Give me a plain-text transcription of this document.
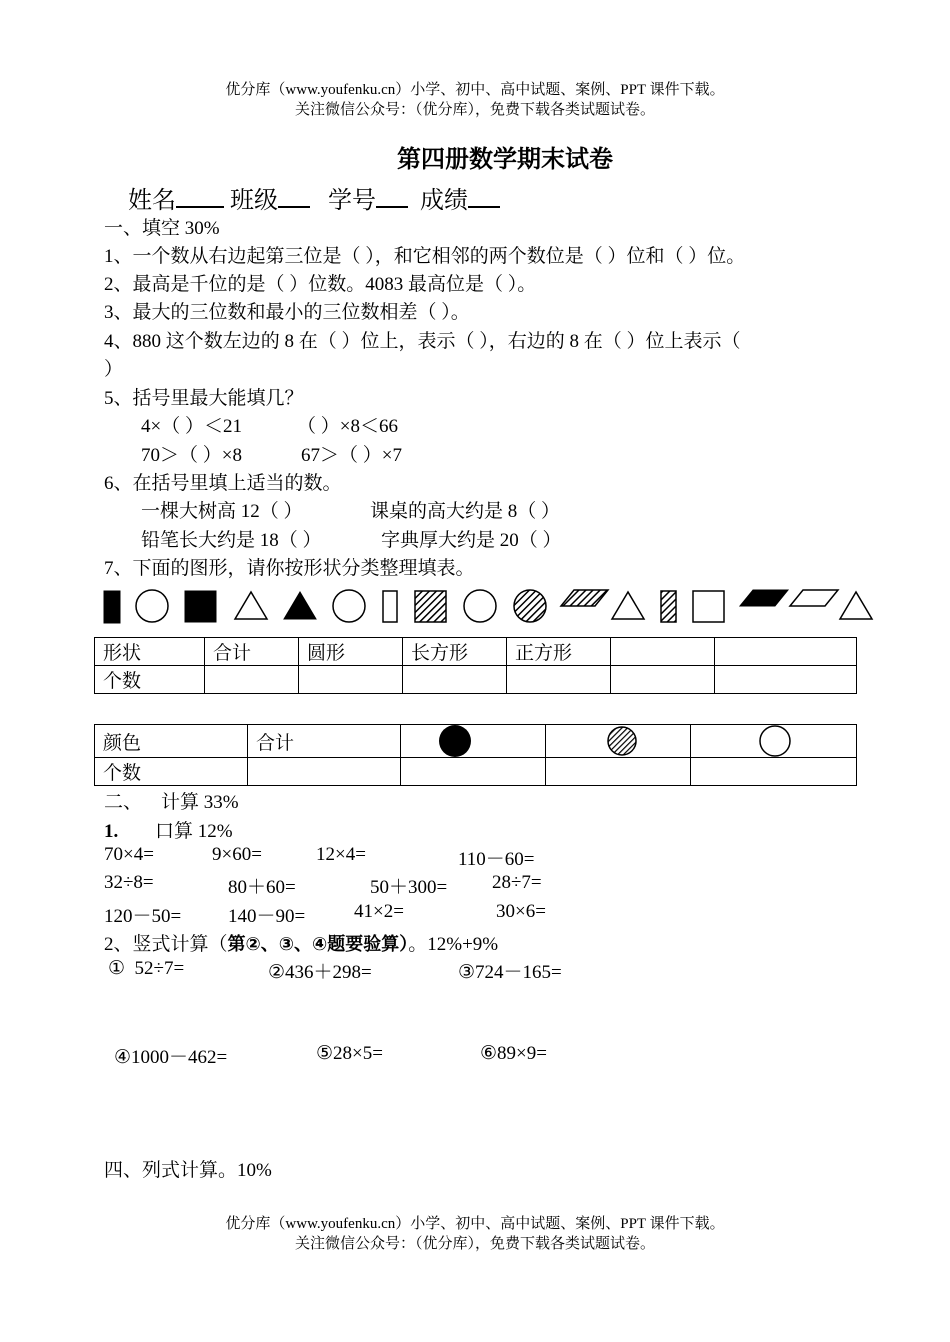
优分库（www.youfenku.cn）小学、初中、高中试题、案例、PPT 课件下载。
关注微信公众号：（优分库），免费下载各类试题试卷。
第四册数学期末试卷
姓名 班级 学号 成绩
一、填空 30%
1、一个数从右边起第三位是（ ），和它相邻的两个数位是（ ）位和（ ）位。
2、最高是千位的是（ ）位数。4083 最高位是（ ）。
3、最大的三位数和最小的三位数相差（ ）。
4、880 这个数左边的 8 在（ ）位上，表示（ ），右边的 8 在（ ）位上表示（
）
5、括号里最大能填几？
4×（ ）＜21	（ ）×8＜66
70＞（ ）×8	67＞（ ）×7
6、在括号里填上适当的数。
一棵大树高 12（ ）	课桌的高大约是 8（ ）
铅笔长大约是 18（ ）	字典厚大约是 20（ ）
7、下面的图形，请你按形状分类整理填表。
形状	合计	圆形	长方形	正方形		
个数						
颜色	合计	

个数				
二、    计算 33%
1. 口算 12%
70×4=	9×60=	12×4=	110－60=
32÷8=	80＋60=	50＋300= 28÷7=
120－50= 140－90=	41×2=	30×6=
2、竖式计算（第②、③、④题要验算）。12%+9%
①  52÷7=	②436＋298=	③724－165=
④1000－462=	⑤28×5=	⑥89×9=
四、列式计算。10%
优分库（www.youfenku.cn）小学、初中、高中试题、案例、PPT 课件下载。
关注微信公众号：（优分库），免费下载各类试题试卷。
